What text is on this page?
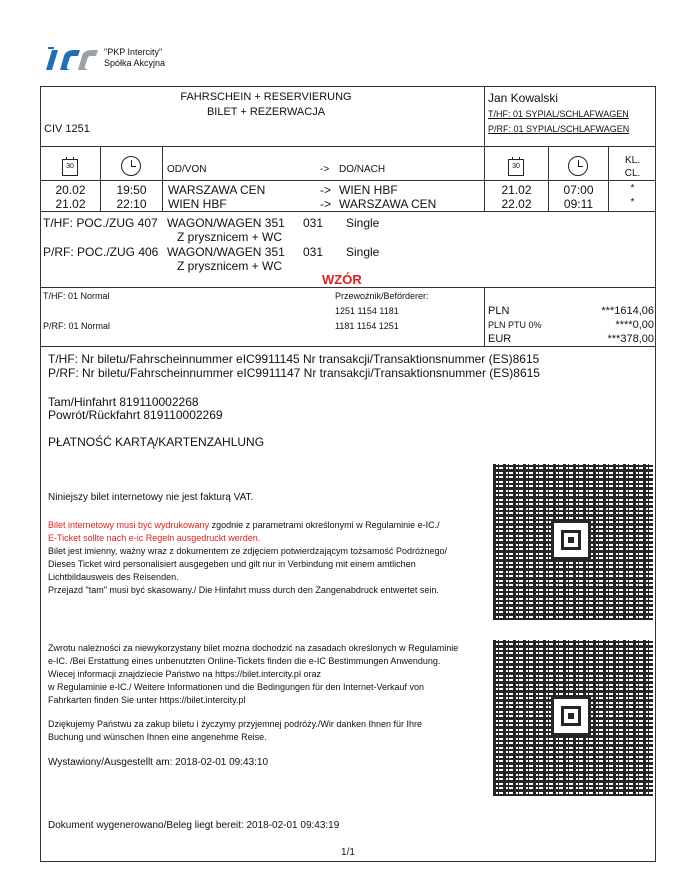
"PKP Intercity"
Spółka Akcyjna
FAHRSCHEIN + RESERVIERUNG
BILET + REZERWACJA
CIV 1251
Jan Kowalski
T/HF: 01 SYPIAL/SCHLAFWAGEN
P/RF: 01 SYPIAL/SCHLAFWAGEN
30	OD/VON	-> DO/NACH	30
KL.
CL.
20.02	19:50	WARSZAWA CEN	-> WIEN HBF	21.02	07:00	*
21.02	22:10	WIEN HBF	-> WARSZAWA CEN	22.02	09:11	*
T/HF: POC./ZUG 407 WAGON/WAGEN 351 031 Single
Z prysznicem + WC
P/RF: POC./ZUG 406 WAGON/WAGEN 351 031 Single
Z prysznicem + WC
WZÓR
T/HF: 01 Normal
P/RF: 01 Normal
Przewoźnik/Beförderer:
1251 1154 1181
1181 1154 1251
PLN	***1614,06
PLN PTU 0%	****0,00
EUR	***378,00
T/HF: Nr biletu/Fahrscheinnummer eIC9911145 Nr transakcji/Transaktionsnummer (ES)8615
P/RF: Nr biletu/Fahrscheinnummer eIC9911147 Nr transakcji/Transaktionsnummer (ES)8615
Tam/Hinfahrt 819110002268
Powrót/Rückfahrt 819110002269
PŁATNOŚĆ KARTĄ/KARTENZAHLUNG
Niniejszy bilet internetowy nie jest fakturą VAT.
Bilet internetowy musi być wydrukowany zgodnie z parametrami określonymi w Regulaminie e-IC./
E-Ticket sollte nach e-ic Regeln ausgedruckt werden.
Bilet jest imienny, ważny wraz z dokumentem ze zdjęciem potwierdzającym tożsamość Podróżnego/
Dieses Ticket wird personalisiert ausgegeben und gilt nur in Verbindung mit einem amtlichen
Lichtbildausweis des Reisenden.
Przejazd "tam" musi być skasowany./ Die Hinfahrt muss durch den Zangenabdruck entwertet sein.
Zwrotu należności za niewykorzystany bilet można dochodzić na zasadach określonych w Regulaminie
e-IC. /Bei Erstattung eines unbenutzten Online-Tickets finden die e-IC Bestimmungen Anwendung.
Wiecej informacji znajdziecie Państwo na https://bilet.intercity.pl oraz
w Regulaminie e-IC./ Weitere Informationen und die Bedingungen für den Internet-Verkauf von
Fahrkarten finden Sie unter https://bilet.intercity.pl
Dziękujemy Państwu za zakup biletu i życzymy przyjemnej podróży./Wir danken Ihnen für Ihre
Buchung und wünschen Ihnen eine angenehme Reise.
Wystawiony/Ausgestellt am: 2018-02-01 09:43:10
Dokument wygenerowano/Beleg liegt bereit: 2018-02-01 09:43:19
1/1
